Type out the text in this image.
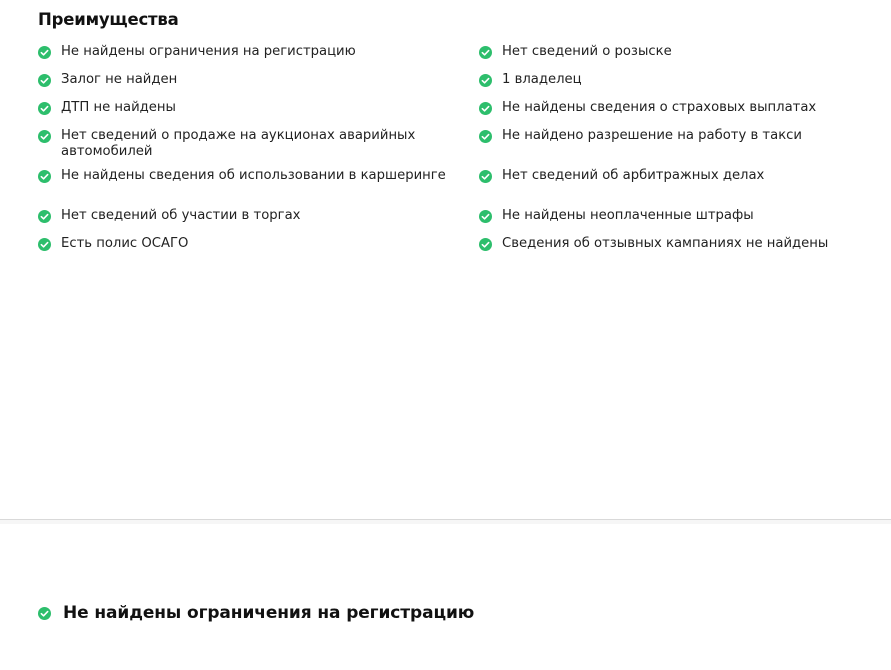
Преимущества
Не найдены ограничения на регистрацию
Залог не найден
ДТП не найдены
Нет сведений о продаже на аукционах аварийных автомобилей
Не найдены сведения об использовании в каршеринге
Нет сведений об участии в торгах
Есть полис ОСАГО
Нет сведений о розыске
1 владелец
Не найдены сведения о страховых выплатах
Не найдено разрешение на работу в такси
Нет сведений об арбитражных делах
Не найдены неоплаченные штрафы
Сведения об отзывных кампаниях не найдены
Не найдены ограничения на регистрацию
